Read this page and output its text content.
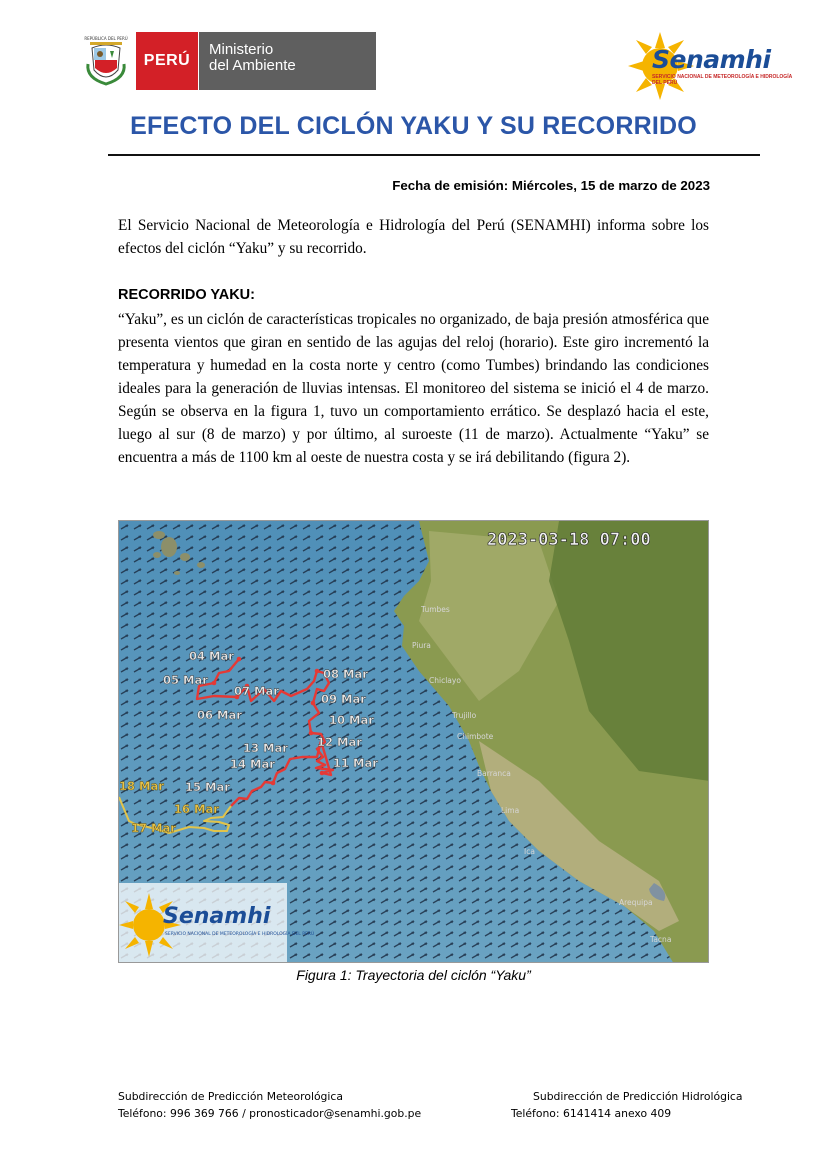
REPÚBLICA DEL PERÚ
PERÚ
Ministerio
del Ambiente	Senamhi
SERVICIO NACIONAL DE METEOROLOGÍA E HIDROLOGÍA DEL PERÚ
EFECTO DEL CICLÓN YAKU Y SU RECORRIDO
Fecha de emisión: Miércoles, 15 de marzo de 2023
El Servicio Nacional de Meteorología e Hidrología del Perú (SENAMHI) informa sobre los efectos del ciclón “Yaku” y su recorrido.
RECORRIDO YAKU:
“Yaku”, es un ciclón de características tropicales no organizado, de baja presión atmosférica que presenta vientos que giran en sentido de las agujas del reloj (horario). Este giro incrementó la temperatura y humedad en la costa norte y centro (como Tumbes) brindando las condiciones ideales para la generación de lluvias intensas. El monitoreo del sistema se inició el 4 de marzo. Según se observa en la figura 1, tuvo un comportamiento errático. Se desplazó hacia el este, luego al sur (8 de marzo) y por último, al suroeste (11 de marzo). Actualmente “Yaku” se encuentra a más de 1100 km al oeste de nuestra costa y se irá debilitando (figura 2).
Tumbes
Piura
Chiclayo
Trujillo
Chimbote
Barranca
Lima
Ica
Arequipa
Tacna
04 Mar
05 Mar
06 Mar
07 Mar
08 Mar
09 Mar
10 Mar
12 Mar
11 Mar
13 Mar
14 Mar
15 Mar
16 Mar
17 Mar
18 Mar
2023-03-18 07:00
Senamhi
SERVICIO NACIONAL DE METEOROLOGÍA E HIDROLOGÍA DEL PERÚ
Figura 1: Trayectoria del ciclón “Yaku”
Subdirección de Predicción Meteorológica
Teléfono: 996 369 766 / pronosticador@senamhi.gob.pe
Subdirección de Predicción Hidrológica
Teléfono: 6141414 anexo 409
